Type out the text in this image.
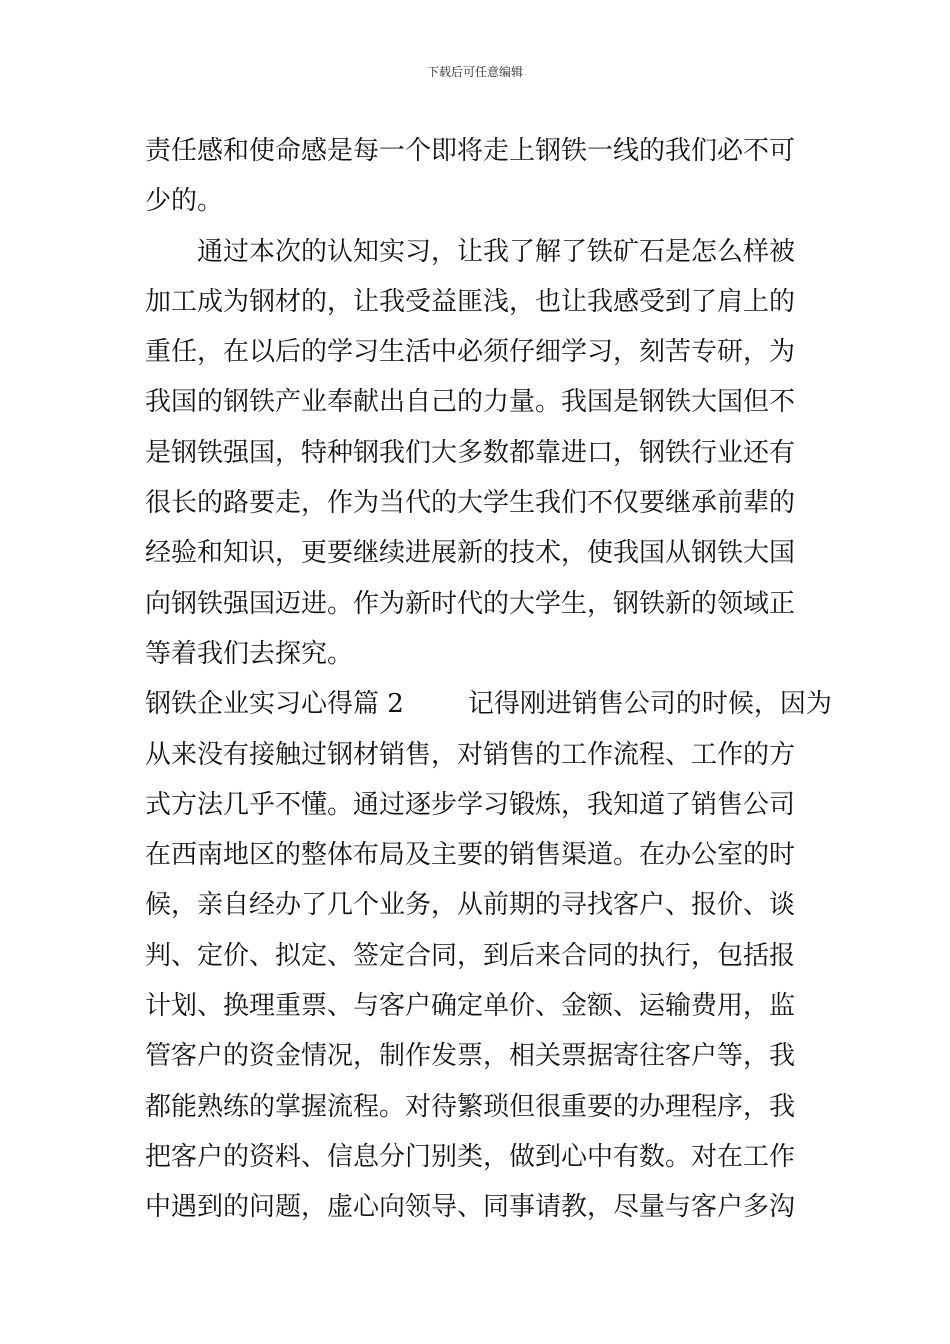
下载后可任意编辑
责任感和使命感是每一个即将走上钢铁一线的我们必不可
少的。
通过本次的认知实习，让我了解了铁矿石是怎么样被
加工成为钢材的，让我受益匪浅，也让我感受到了肩上的
重任，在以后的学习生活中必须仔细学习，刻苦专研，为
我国的钢铁产业奉献出自己的力量。我国是钢铁大国但不
是钢铁强国，特种钢我们大多数都靠进口，钢铁行业还有
很长的路要走，作为当代的大学生我们不仅要继承前辈的
经验和知识，更要继续进展新的技术，使我国从钢铁大国
向钢铁强国迈进。作为新时代的大学生，钢铁新的领域正
等着我们去探究。
钢铁企业实习心得篇 2 记得刚进销售公司的时候，因为
从来没有接触过钢材销售，对销售的工作流程、工作的方
式方法几乎不懂。通过逐步学习锻炼，我知道了销售公司
在西南地区的整体布局及主要的销售渠道。在办公室的时
候，亲自经办了几个业务，从前期的寻找客户、报价、谈
判、定价、拟定、签定合同，到后来合同的执行，包括报
计划、换理重票、与客户确定单价、金额、运输费用，监
管客户的资金情况，制作发票，相关票据寄往客户等，我
都能熟练的掌握流程。对待繁琐但很重要的办理程序，我
把客户的资料、信息分门别类，做到心中有数。对在工作
中遇到的问题，虚心向领导、同事请教，尽量与客户多沟
